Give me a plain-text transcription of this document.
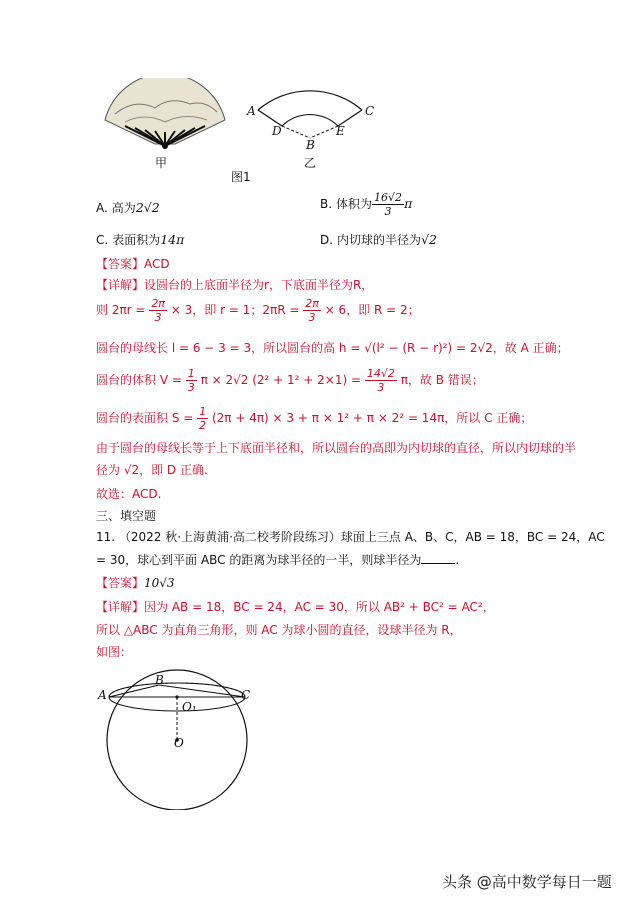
甲
A	C
D	E
B
乙
图1
A. 高为2√2	B. 体积为 $\frac{16√2}{3}$ π
C. 表面积为14π	D. 内切球的半径为√2
【答案】ACD
【详解】设圆台的上底面半径为r，下底面半径为R，
则 $2\pi r = \frac{2\pi}{3} \times 3$，即 r = 1；$2\pi R = \frac{2\pi}{3} \times 6$，即 R = 2；
圆台的母线长 l = 6 − 3 = 3，所以圆台的高 h = √(l² − (R − r)²) = 2√2，故 A 正确；
圆台的体积 $V = \frac{1}{3}$ π × 2√2 $(2^2 + 1^2 + 2\times 1) = \frac{14√2}{3}$ π，故 B 错误；
圆台的表面积 $S = \frac{1}{2} (2\pi + 4\pi) \times 3 + \pi \times 1^2 + \pi \times 2^2 = 14\pi$，所以 C 正确；
由于圆台的母线长等于上下底面半径和，所以圆台的高即为内切球的直径，所以内切球的半
径为 √2，即 D 正确.
故选：ACD.
三、填空题
11. （2022 秋·上海黄浦·高二校考阶段练习）球面上三点 A、B、C，AB = 18，BC = 24，AC
= 30，球心到平面 ABC 的距离为球半径的一半，则球半径为	.
【答案】10√3
【详解】因为 AB = 18，BC = 24，AC = 30，所以 AB² + BC² = AC²，
所以 △ABC 为直角三角形，则 AC 为球小圆的直径，设球半径为 R，
如图：
A
B
C
O₁
O
头条 @高中数学每日一题
